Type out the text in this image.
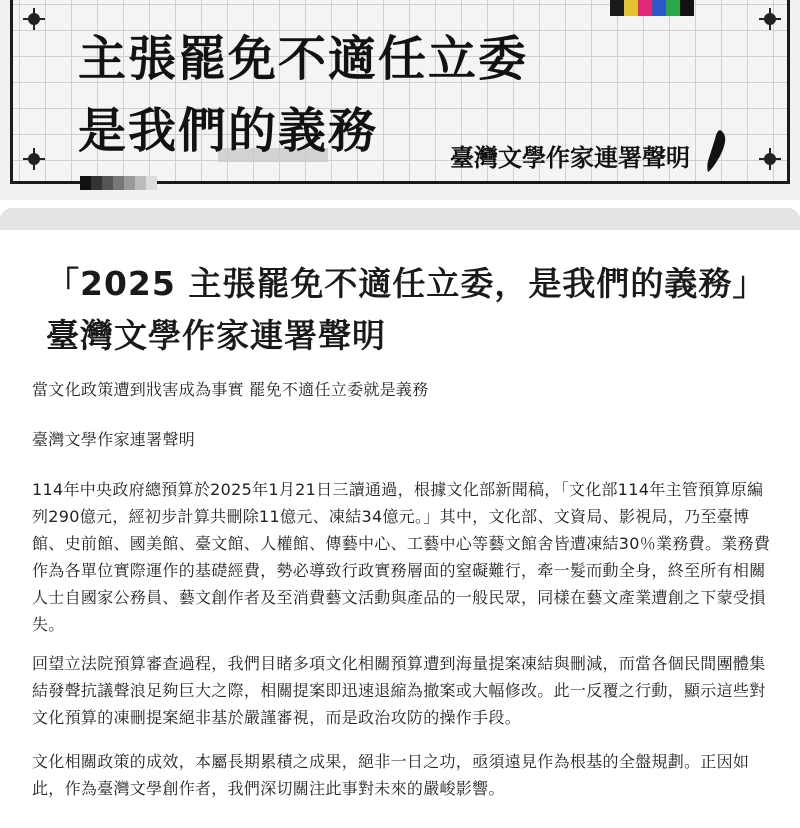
主張罷免不適任立委
是我們的義務	臺灣文學作家連署聲明
「2025 主張罷免不適任立委，是我們的義務」臺灣文學作家連署聲明
當文化政策遭到戕害成為事實 罷免不適任立委就是義務
臺灣文學作家連署聲明
114年中央政府總預算於2025年1月21日三讀通過，根據文化部新聞稿，「文化部114年主管預算原編列290億元，經初步計算共刪除11億元、凍結34億元。」其中，文化部、文資局、影視局，乃至臺博館、史前館、國美館、臺文館、人權館、傳藝中心、工藝中心等藝文館舍皆遭凍結30％業務費。業務費作為各單位實際運作的基礎經費，勢必導致行政實務層面的窒礙難行，牽一髮而動全身，終至所有相關人士自國家公務員、藝文創作者及至消費藝文活動與產品的一般民眾，同樣在藝文產業遭創之下蒙受損失。
回望立法院預算審查過程，我們目睹多項文化相關預算遭到海量提案凍結與刪減，而當各個民間團體集結發聲抗議聲浪足夠巨大之際，相關提案即迅速退縮為撤案或大幅修改。此一反覆之行動，顯示這些對文化預算的凍刪提案絕非基於嚴謹審視，而是政治攻防的操作手段。
文化相關政策的成效，本屬長期累積之成果，絕非一日之功，亟須遠見作為根基的全盤規劃。正因如此，作為臺灣文學創作者，我們深切關注此事對未來的嚴峻影響。
